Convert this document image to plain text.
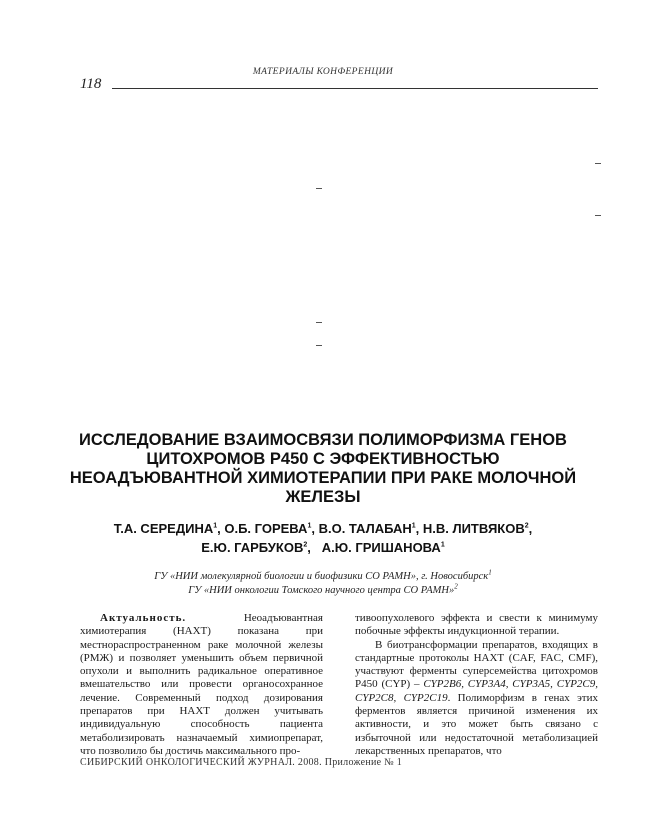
МАТЕРИАЛЫ КОНФЕРЕНЦИИ
118
ИССЛЕДОВАНИЕ ВЗАИМОСВЯЗИ ПОЛИМОРФИЗМА ГЕНОВ ЦИТОХРОМОВ Р450 С ЭФФЕКТИВНОСТЬЮ НЕОАДЪЮВАНТНОЙ ХИМИОТЕРАПИИ ПРИ РАКЕ МОЛОЧНОЙ ЖЕЛЕЗЫ
Т.А. СЕРЕДИНА$^1$, О.Б. ГОРЕВА$^1$, В.О. ТАЛАБАН$^1$, Н.В. ЛИТВЯКОВ$^2$,
Е.Ю. ГАРБУКОВ$^2$,   А.Ю. ГРИШАНОВА$^1$
ГУ «НИИ молекулярной биологии и биофизики СО РАМН», г. Новосибирск$^1$
ГУ «НИИ онкологии Томского научного центра СО РАМН»$^2$

Актуальность. Неоадъювантная химиотерапия (НАХТ) показана при местнораспространенном раке молочной железы (РМЖ) и позволяет уменьшить объем первичной опухоли и выполнить радикальное оперативное вмешательство или провести органосохранное лечение. Современный подход дозирования препаратов при НАХТ должен учитывать индивидуальную способность пациента метаболизировать назначаемый химиопрепарат, что позволило бы достичь максимального про-

тивоопухолевого эффекта и свести к минимуму побочные эффекты индукционной терапии.

В биотрансформации препаратов, входящих в стандартные протоколы НАХТ (CAF, FAC, CMF), участвуют ферменты суперсемейства цитохромов Р450 (CYP) – CYP2B6, CYP3A4, CYP3A5, CYP2C9, CYP2C8, CYP2C19. Полиморфизм в генах этих ферментов является причиной изменения их активности, и это может быть связано с избыточной или недостаточной метаболизацией лекарственных препаратов, что

СИБИРСКИЙ ОНКОЛОГИЧЕСКИЙ ЖУРНАЛ. 2008. Приложение № 1
